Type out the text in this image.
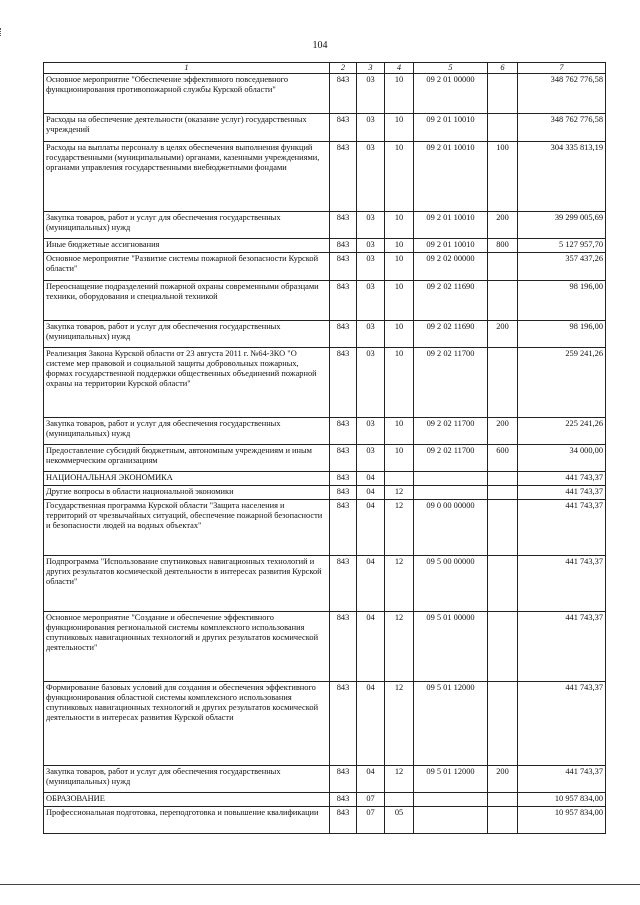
104
1	2	3	4	5	6	7
Основное мероприятие "Обеспечение эффективного повседневного функционирования противопожарной службы Курской области"	843	03	10	09 2 01 00000		348 762 776,58
Расходы на обеспечение деятельности (оказание услуг) государственных учреждений	843	03	10	09 2 01 10010		348 762 776,58
Расходы на выплаты персоналу в целях обеспечения выполнения функций государственными (муниципальными) органами, казенными учреждениями, органами управления государственными внебюджетными фондами	843	03	10	09 2 01 10010	100	304 335 813,19
Закупка товаров, работ и услуг для обеспечения государственных (муниципальных) нужд	843	03	10	09 2 01 10010	200	39 299 005,69
Иные бюджетные ассигнования	843	03	10	09 2 01 10010	800	5 127 957,70
Основное мероприятие "Развитие системы пожарной безопасности Курской области"	843	03	10	09 2 02 00000		357 437,26
Переоснащение подразделений пожарной охраны современными образцами техники, оборудования и специальной техникой	843	03	10	09 2 02 11690		98 196,00
Закупка товаров, работ и услуг для обеспечения государственных (муниципальных) нужд	843	03	10	09 2 02 11690	200	98 196,00
Реализация Закона Курской области от 23 августа 2011 г. №64-ЗКО "О системе мер правовой и социальной защиты добровольных пожарных, формах государственной поддержки общественных объединений пожарной охраны на территории Курской области"	843	03	10	09 2 02 11700		259 241,26
Закупка товаров, работ и услуг для обеспечения государственных (муниципальных) нужд	843	03	10	09 2 02 11700	200	225 241,26
Предоставление субсидий бюджетным, автономным учреждениям и иным некоммерческим организациям	843	03	10	09 2 02 11700	600	34 000,00
НАЦИОНАЛЬНАЯ ЭКОНОМИКА	843	04				441 743,37
Другие вопросы в области национальной экономики	843	04	12			441 743,37
Государственная программа Курской области "Защита населения и территорий от чрезвычайных ситуаций, обеспечение пожарной безопасности и безопасности людей на водных объектах"	843	04	12	09 0 00 00000		441 743,37
Подпрограмма "Использование спутниковых навигационных технологий и других результатов космической деятельности в интересах развития Курской области"	843	04	12	09 5 00 00000		441 743,37
Основное мероприятие "Создание и обеспечение эффективного функционирования региональной системы комплексного использования спутниковых навигационных технологий и других результатов космической деятельности"	843	04	12	09 5 01 00000		441 743,37
Формирование базовых условий для создания и обеспечения эффективного функционирования областной системы комплексного использования спутниковых навигационных технологий и других результатов космической деятельности в интересах развития Курской области	843	04	12	09 5 01 12000		441 743,37
Закупка товаров, работ и услуг для обеспечения государственных (муниципальных) нужд	843	04	12	09 5 01 12000	200	441 743,37
ОБРАЗОВАНИЕ	843	07				10 957 834,00
Профессиональная подготовка, переподготовка и повышение квалификации	843	07	05			10 957 834,00
